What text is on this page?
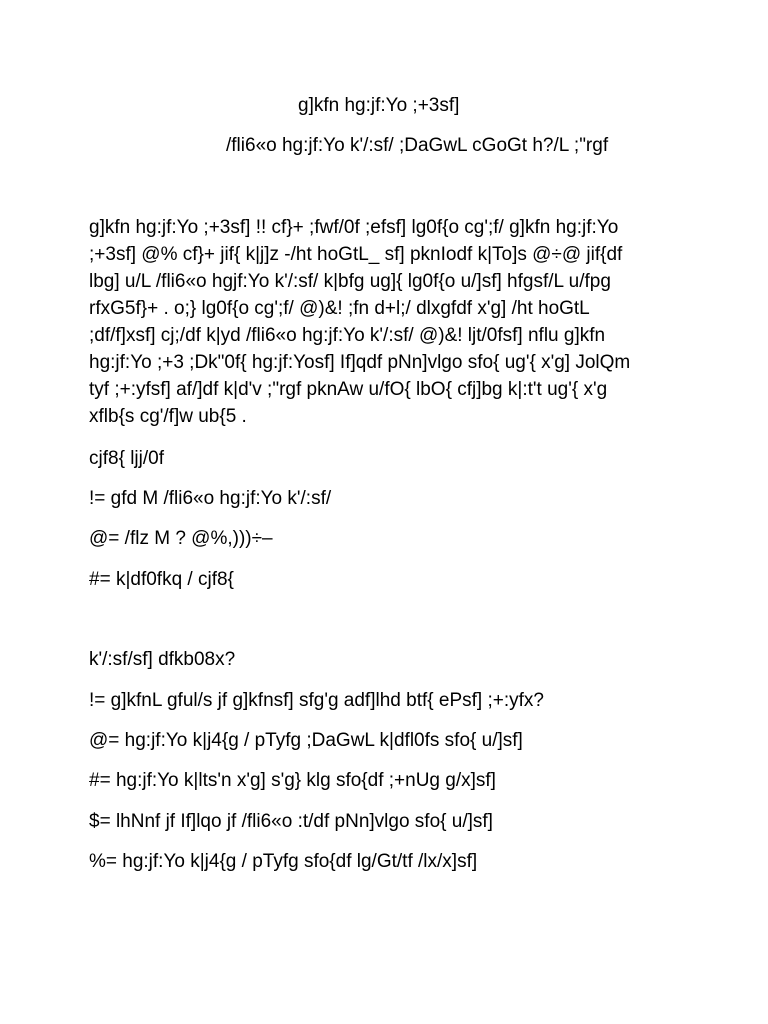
g]kfn hg:jf:Yo ;+3sf]
/fli6«o hg:jf:Yo k'/:sf/ ;DaGwL cGoGt h?/L ;"rgf
g]kfn hg:jf:Yo ;+3sf] !! cf}+ ;fwf/0f ;efsf] lg0f{o cg';f/ g]kfn hg:jf:Yo
;+3sf] @% cf}+ jif{ k|j]z -/ht hoGtL_ sf] pknIodf k|To]s @÷@ jif{df
lbg] u/L /fli6«o hgjf:Yo k'/:sf/ k|bfg ug]{ lg0f{o u/]sf] hfgsf/L u/fpg
rfxG5f}+ . o;} lg0f{o cg';f/ @)&! ;fn d+l;/ dlxgfdf x'g] /ht hoGtL
;df/f]xsf] cj;/df k|yd /fli6«o hg:jf:Yo k'/:sf/ @)&! ljt/0fsf] nflu g]kfn
hg:jf:Yo ;+3 ;Dk"0f{ hg:jf:Yosf] If]qdf pNn]vlgo sfo{ ug'{ x'g] JolQm
tyf ;+:yfsf] af/]df k|d'v ;"rgf pknAw u/fO{ lbO{ cfj]bg k|:t't ug'{ x'g
xflb{s cg'/f]w ub{5 .
cjf8{ ljj/0f
!= gfd M /fli6«o hg:jf:Yo k'/:sf/
@= /flz M ? @%,)))÷–
#= k|df0fkq / cjf8{
k'/:sf/sf] dfkb08x?
!= g]kfnL gful/s jf g]kfnsf] sfg'g adf]lhd btf{ ePsf] ;+:yfx?
@= hg:jf:Yo k|j4{g / pTyfg ;DaGwL k|dfl0fs sfo{ u/]sf]
#= hg:jf:Yo k|lts'n x'g] s'g} klg sfo{df ;+nUg g/x]sf]
$= lhNnf jf If]lqo jf /fli6«o :t/df pNn]vlgo sfo{ u/]sf]
%= hg:jf:Yo k|j4{g / pTyfg sfo{df lg/Gt/tf /lx/x]sf]
